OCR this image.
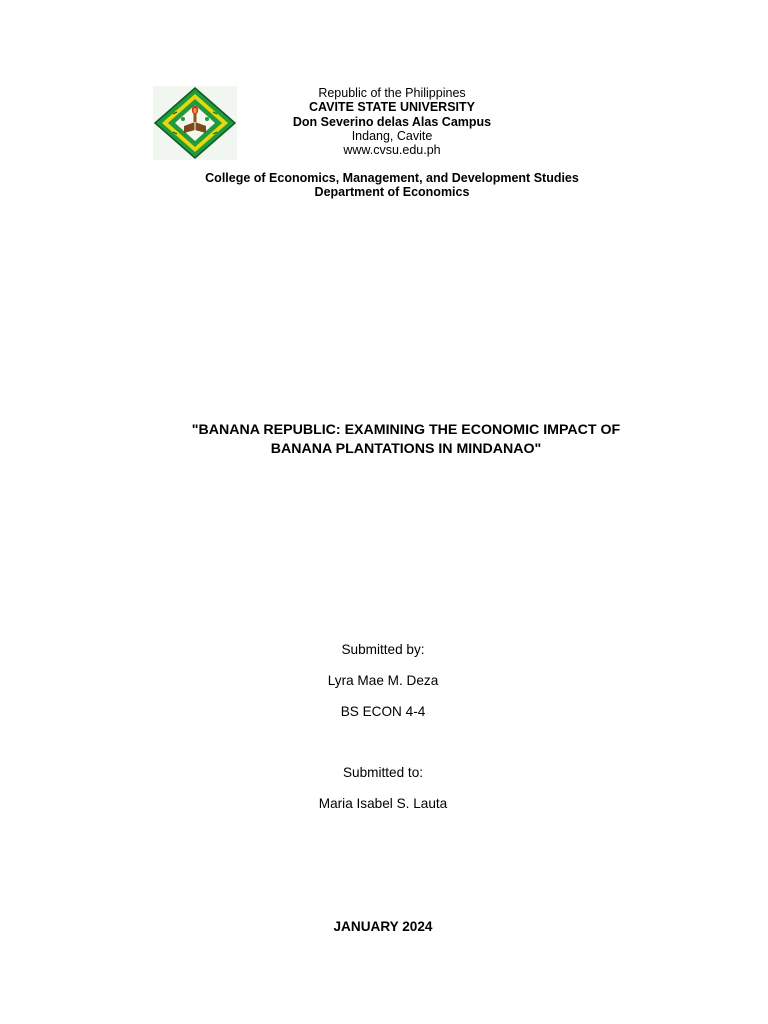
Republic of the Philippines
CAVITE STATE UNIVERSITY
Don Severino delas Alas Campus
Indang, Cavite
www.cvsu.edu.ph
College of Economics, Management, and Development Studies
Department of Economics
"BANANA REPUBLIC: EXAMINING THE ECONOMIC IMPACT OF
BANANA PLANTATIONS IN MINDANAO"
Submitted by:
Lyra Mae M. Deza
BS ECON 4-4
Submitted to:
Maria Isabel S. Lauta
JANUARY 2024
